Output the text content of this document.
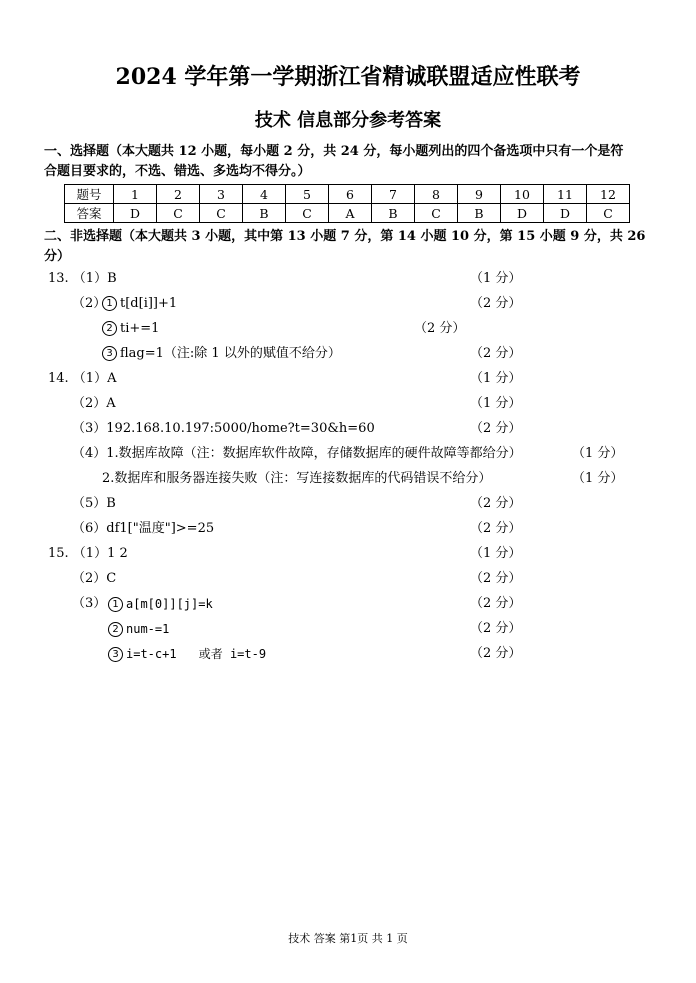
2024 学年第一学期浙江省精诚联盟适应性联考
技术 信息部分参考答案
一、选择题（本大题共 12 小题，每小题 2 分，共 24 分，每小题列出的四个备选项中只有一个是符
合题目要求的，不选、错选、多选均不得分。）
题号	1	2	3	4	5	6	7	8	9	10	11	12
答案	D	C	C	B	C	A	B	C	B	D	D	C
二、非选择题（本大题共 3 小题，其中第 13 小题 7 分，第 14 小题 10 分，第 15 小题 9 分，共 26
分）
13. （1）B	（1 分）
（2） 1 t[d[i]]+1	（2 分）
2 ti+=1	（2 分）
3 flag=1（注:除 1 以外的赋值不给分）	（2 分）
14. （1）A	（1 分）
（2）A	（1 分）
（3）192.168.10.197:5000/home?t=30&h=60	（2 分）
（4）1.数据库故障（注：数据库软件故障，存储数据库的硬件故障等都给分）	（1 分）
2.数据库和服务器连接失败（注：写连接数据库的代码错误不给分）	（1 分）
（5）B	（2 分）
（6）df1["温度"]>=25	（2 分）
15. （1）1 2	（1 分）
（2）C	（2 分）
（3） 1 a[m[0]][j]=k	（2 分）
2 num-=1	（2 分）
3 i=t-c+1 或者 i=t-9	（2 分）
技术 答案 第1页 共 1 页
